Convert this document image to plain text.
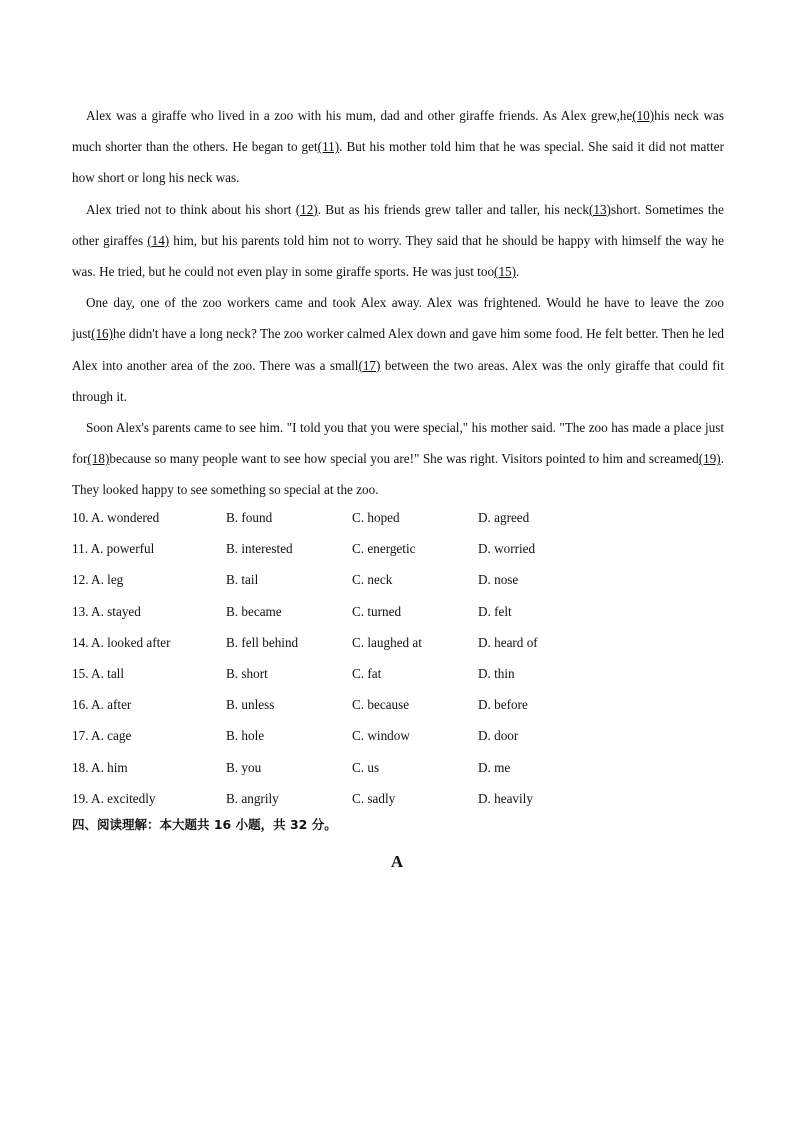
Alex was a giraffe who lived in a zoo with his mum, dad and other giraffe friends. As Alex grew,he(10)his neck was much shorter than the others. He began to get(11). But his mother told him that he was special. She said it did not matter how short or long his neck was.

Alex tried not to think about his short (12). But as his friends grew taller and taller, his neck(13)short. Sometimes the other giraffes (14) him, but his parents told him not to worry. They said that he should be happy with himself the way he was. He tried, but he could not even play in some giraffe sports. He was just too(15).

One day, one of the zoo workers came and took Alex away. Alex was frightened. Would he have to leave the zoo just(16)he didn't have a long neck? The zoo worker calmed Alex down and gave him some food. He felt better. Then he led Alex into another area of the zoo. There was a small(17) between the two areas. Alex was the only giraffe that could fit through it.

Soon Alex's parents came to see him. "I told you that you were special," his mother said. "The zoo has made a place just for(18)because so many people want to see how special you are!" She was right. Visitors pointed to him and screamed(19). They looked happy to see something so special at the zoo.

10. A. wondered	B. found	C. hoped	D. agreed
11. A. powerful	B. interested	C. energetic	D. worried
12. A. leg	B. tail	C. neck	D. nose
13. A. stayed	B. became	C. turned	D. felt
14. A. looked after	B. fell behind	C. laughed at	D. heard of
15. A. tall	B. short	C. fat	D. thin
16. A. after	B. unless	C. because	D. before
17. A. cage	B. hole	C. window	D. door
18. A. him	B. you	C. us	D. me
19. A. excitedly	B. angrily	C. sadly	D. heavily
四、阅读理解：本大题共 16 小题，共 32 分。
A
